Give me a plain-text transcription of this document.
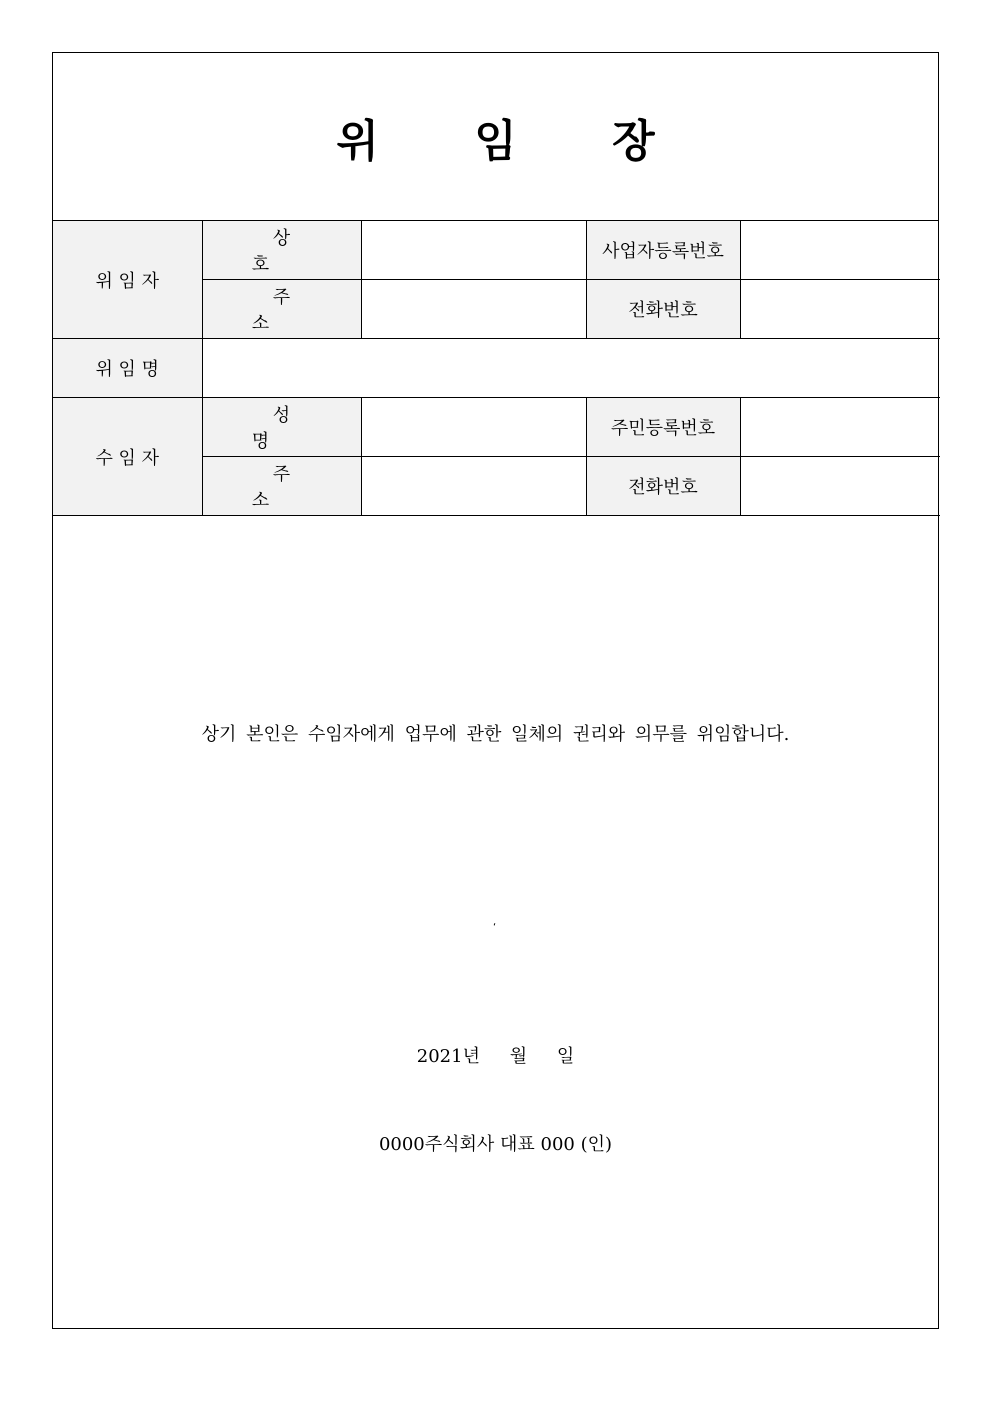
위 임 장
위 임 자	상 호		사업자등록번호	
	주 소		전화번호	
위 임 명				
수 임 자	성 명		주민등록번호	
	주 소		전화번호	
상기 본인은 수임자에게 업무에 관한 일체의 권리와 의무를 위임합니다.
‘
2021년 월 일
0000주식회사 대표 000 (인)
